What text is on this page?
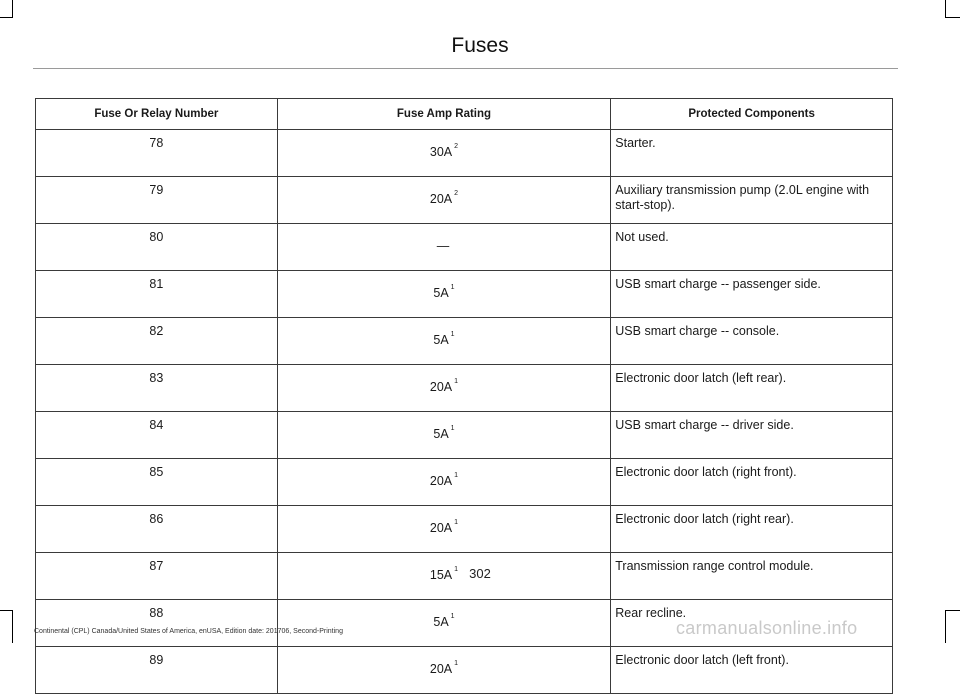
Fuses
Fuse Or Relay Number	Fuse Amp Rating	Protected Components
78	30A $^2$	Starter.
79	20A $^2$	Auxiliary transmission pump (2.0L engine with start-stop).
80	—	Not used.
81	5A $^1$	USB smart charge -- passenger side.
82	5A $^1$	USB smart charge -- console.
83	20A $^1$	Electronic door latch (left rear).
84	5A $^1$	USB smart charge -- driver side.
85	20A $^1$	Electronic door latch (right front).
86	20A $^1$	Electronic door latch (right rear).
87	15A $^1$	Transmission range control module.
88	5A $^1$	Rear recline.
89	20A $^1$	Electronic door latch (left front).
302
Continental (CPL) Canada/United States of America, enUSA, Edition date: 201706, Second-Printing	carmanualsonline.info
